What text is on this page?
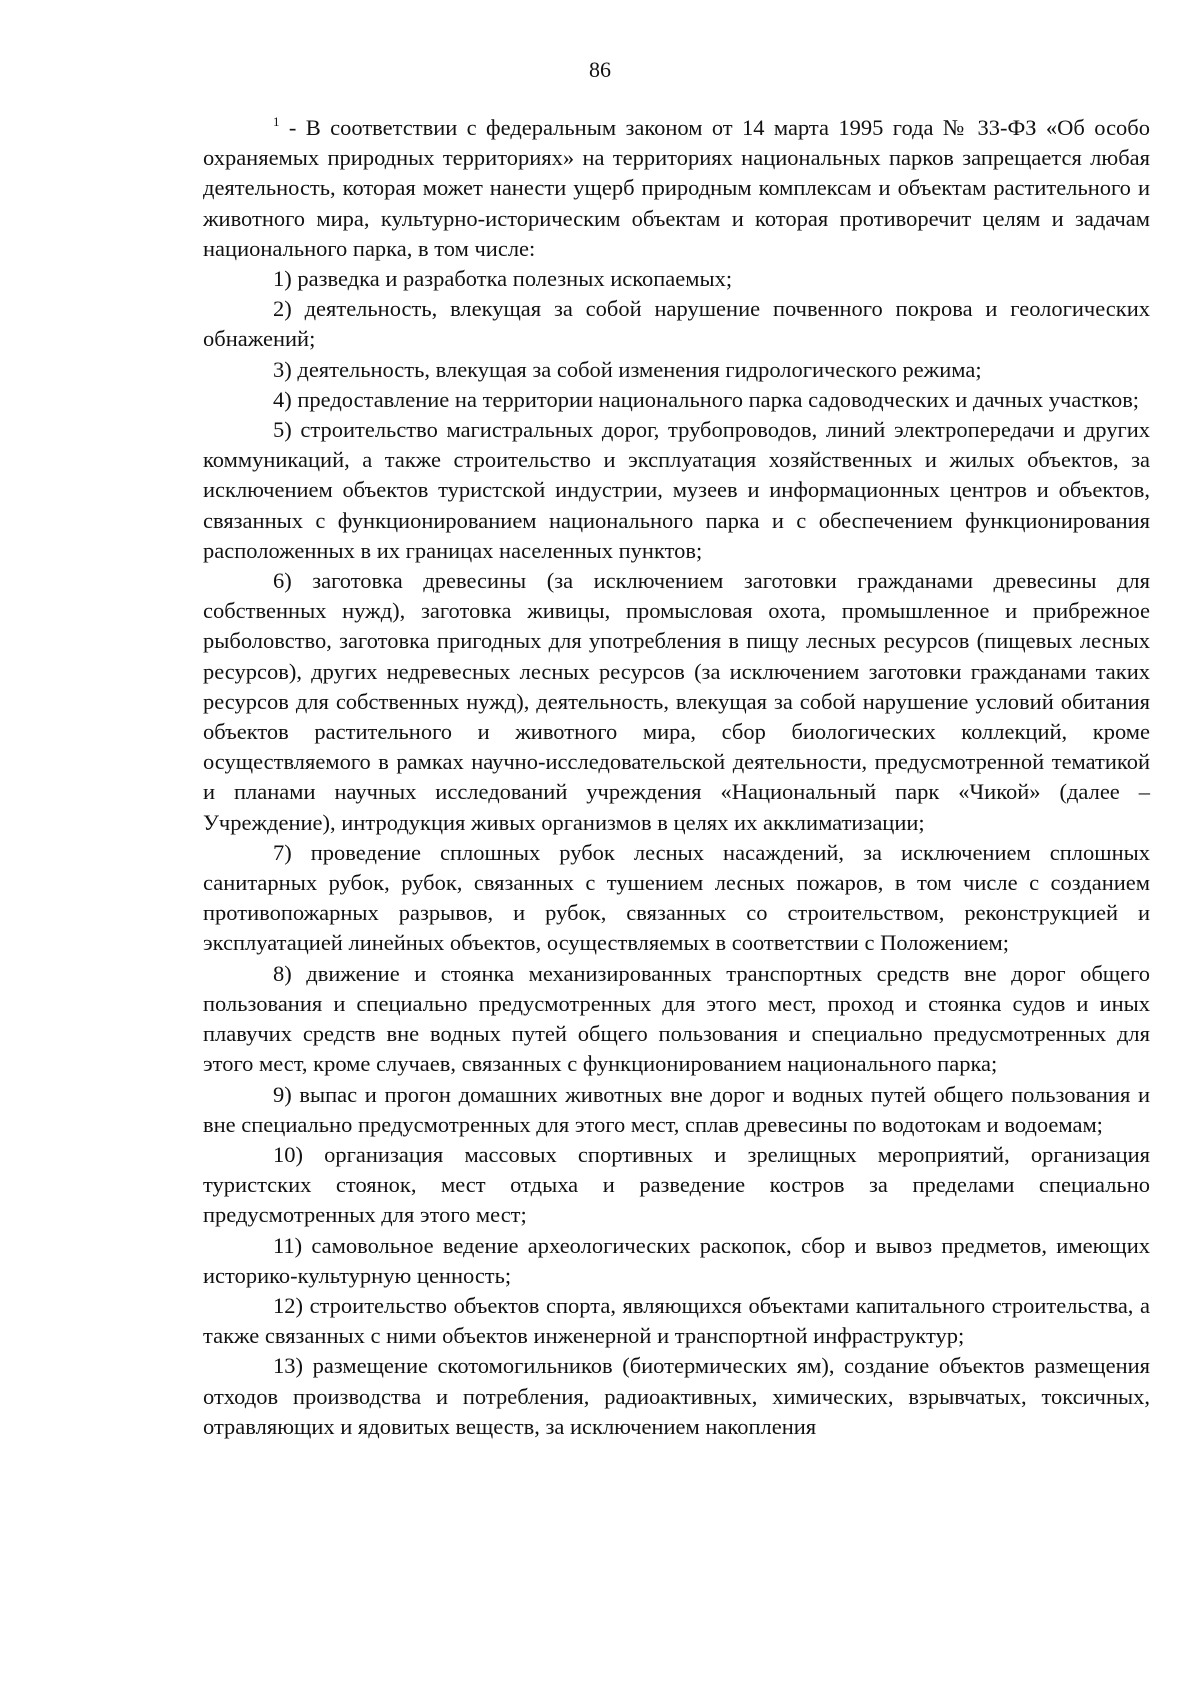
86

$^1$ - В соответствии с федеральным законом от 14 марта 1995 года № 33-ФЗ «Об особо охраняемых природных территориях» на территориях национальных парков запрещается любая деятельность, которая может нанести ущерб природным комплексам и объектам растительного и животного мира, культурно-историческим объектам и которая противоречит целям и задачам национального парка, в том числе:

1) разведка и разработка полезных ископаемых;

2) деятельность, влекущая за собой нарушение почвенного покрова и геологических обнажений;

3) деятельность, влекущая за собой изменения гидрологического режима;

4) предоставление на территории национального парка садоводческих и дачных участков;

5) строительство магистральных дорог, трубопроводов, линий электропередачи и других коммуникаций, а также строительство и эксплуатация хозяйственных и жилых объектов, за исключением объектов туристской индустрии, музеев и информационных центров и объектов, связанных с функционированием национального парка и с обеспечением функционирования расположенных в их границах населенных пунктов;

6) заготовка древесины (за исключением заготовки гражданами древесины для собственных нужд), заготовка живицы, промысловая охота, промышленное и прибрежное рыболовство, заготовка пригодных для употребления в пищу лесных ресурсов (пищевых лесных ресурсов), других недревесных лесных ресурсов (за исключением заготовки гражданами таких ресурсов для собственных нужд), деятельность, влекущая за собой нарушение условий обитания объектов растительного и животного мира, сбор биологических коллекций, кроме осуществляемого в рамках научно-исследовательской деятельности, предусмотренной тематикой и планами научных исследований учреждения «Национальный парк «Чикой» (далее – Учреждение), интродукция живых организмов в целях их акклиматизации;

7) проведение сплошных рубок лесных насаждений, за исключением сплошных санитарных рубок, рубок, связанных с тушением лесных пожаров, в том числе с созданием противопожарных разрывов, и рубок, связанных со строительством, реконструкцией и эксплуатацией линейных объектов, осуществляемых в соответствии с Положением;

8) движение и стоянка механизированных транспортных средств вне дорог общего пользования и специально предусмотренных для этого мест, проход и стоянка судов и иных плавучих средств вне водных путей общего пользования и специально предусмотренных для этого мест, кроме случаев, связанных с функционированием национального парка;

9) выпас и прогон домашних животных вне дорог и водных путей общего пользования и вне специально предусмотренных для этого мест, сплав древесины по водотокам и водоемам;

10) организация массовых спортивных и зрелищных мероприятий, организация туристских стоянок, мест отдыха и разведение костров за пределами специально предусмотренных для этого мест;

11) самовольное ведение археологических раскопок, сбор и вывоз предметов, имеющих историко-культурную ценность;

12) строительство объектов спорта, являющихся объектами капитального строительства, а также связанных с ними объектов инженерной и транспортной инфраструктур;

13) размещение скотомогильников (биотермических ям), создание объектов размещения отходов производства и потребления, радиоактивных, химических, взрывчатых, токсичных, отравляющих и ядовитых веществ, за исключением накопления
